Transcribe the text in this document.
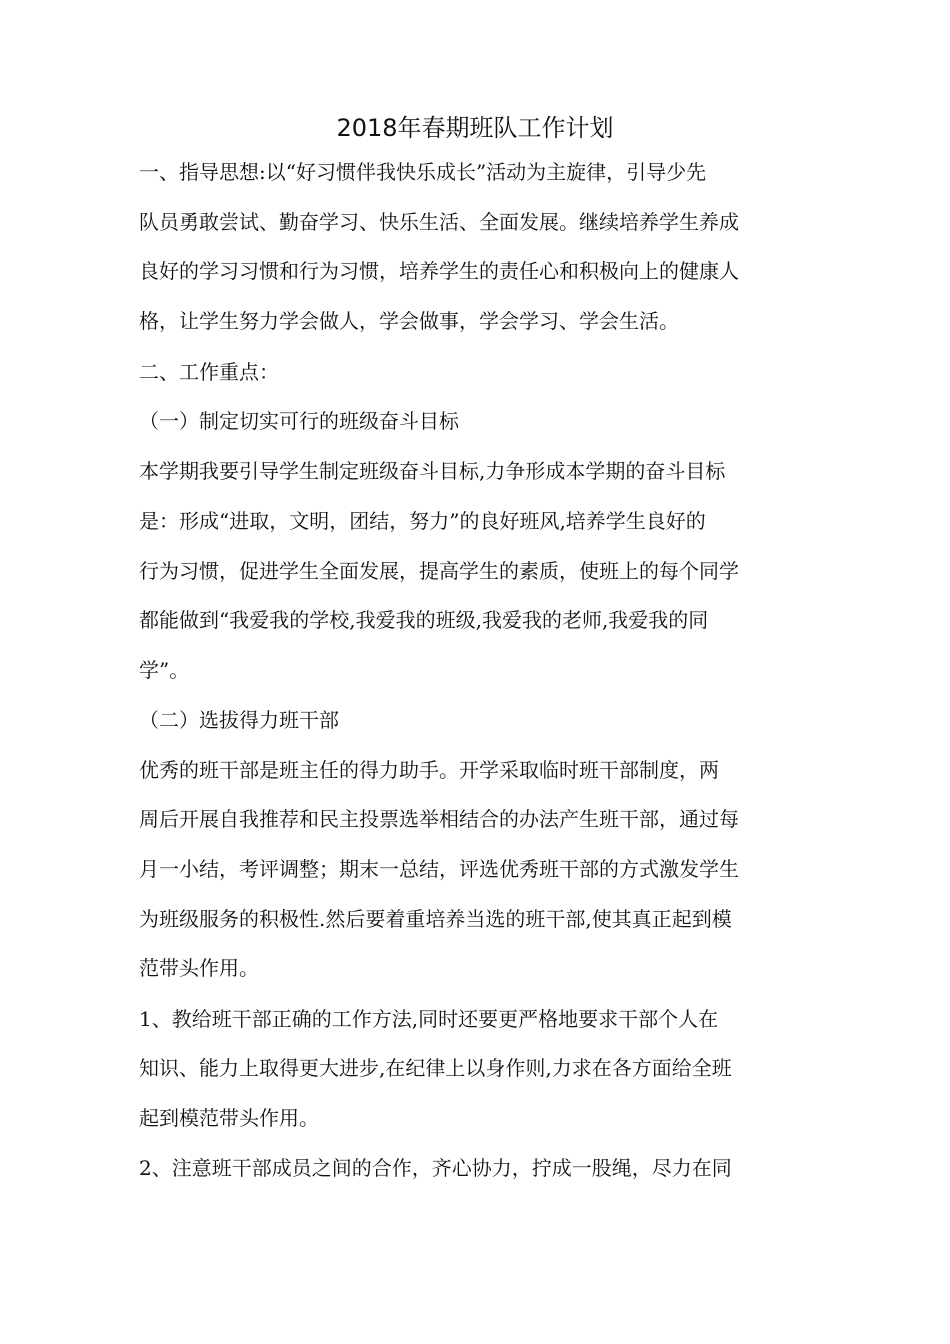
2018年春期班队工作计划
一、指导思想:以“好习惯伴我快乐成长”活动为主旋律，引导少先
队员勇敢尝试、勤奋学习、快乐生活、全面发展。继续培养学生养成
良好的学习习惯和行为习惯，培养学生的责任心和积极向上的健康人
格，让学生努力学会做人，学会做事，学会学习、学会生活。
二、工作重点：
（一）制定切实可行的班级奋斗目标
本学期我要引导学生制定班级奋斗目标,力争形成本学期的奋斗目标
是：形成“进取，文明，团结，努力”的良好班风,培养学生良好的
行为习惯，促进学生全面发展，提高学生的素质，使班上的每个同学
都能做到“我爱我的学校,我爱我的班级,我爱我的老师,我爱我的同
学”。
（二）选拔得力班干部
优秀的班干部是班主任的得力助手。开学采取临时班干部制度，两
周后开展自我推荐和民主投票选举相结合的办法产生班干部，通过每
月一小结，考评调整；期末一总结，评选优秀班干部的方式激发学生
为班级服务的积极性.然后要着重培养当选的班干部,使其真正起到模
范带头作用。
1、教给班干部正确的工作方法,同时还要更严格地要求干部个人在
知识、能力上取得更大进步,在纪律上以身作则,力求在各方面给全班
起到模范带头作用。
2、注意班干部成员之间的合作，齐心协力，拧成一股绳，尽力在同
